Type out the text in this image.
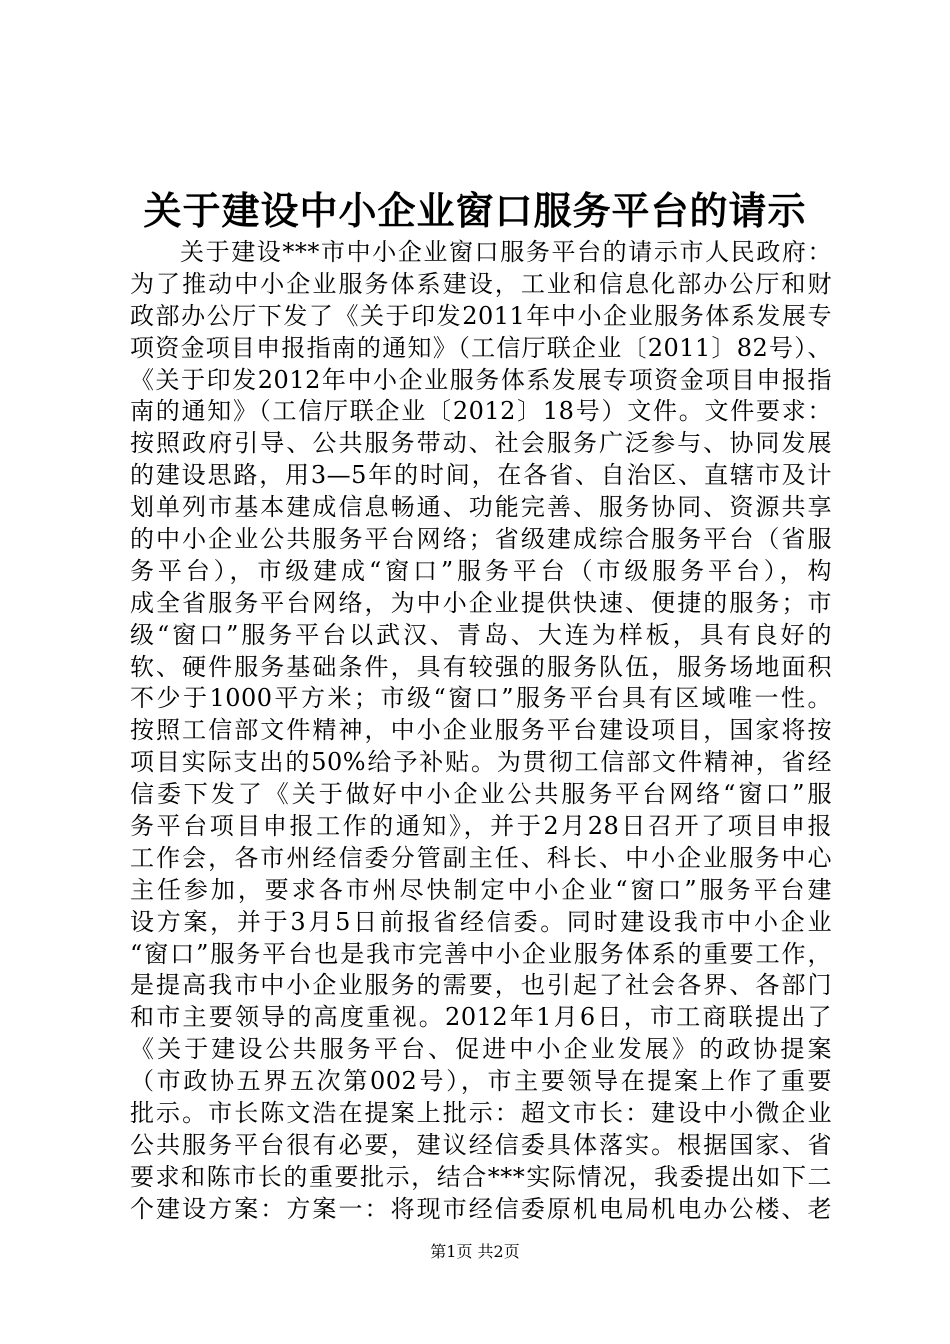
关于建设中小企业窗口服务平台的请示
关于建设***市中小企业窗口服务平台的请示市人民政府：
为了推动中小企业服务体系建设，工业和信息化部办公厅和财
政部办公厅下发了《关于印发2011年中小企业服务体系发展专
项资金项目申报指南的通知》（工信厅联企业〔2011〕82号）、
《关于印发2012年中小企业服务体系发展专项资金项目申报指
南的通知》（工信厅联企业〔2012〕18号）文件。文件要求：
按照政府引导、公共服务带动、社会服务广泛参与、协同发展
的建设思路，用3—5年的时间，在各省、自治区、直辖市及计
划单列市基本建成信息畅通、功能完善、服务协同、资源共享
的中小企业公共服务平台网络；省级建成综合服务平台（省服
务平台），市级建成“窗口”服务平台（市级服务平台），构
成全省服务平台网络，为中小企业提供快速、便捷的服务；市
级“窗口”服务平台以武汉、青岛、大连为样板，具有良好的
软、硬件服务基础条件，具有较强的服务队伍，服务场地面积
不少于1000平方米；市级“窗口”服务平台具有区域唯一性。
按照工信部文件精神，中小企业服务平台建设项目，国家将按
项目实际支出的50%给予补贴。为贯彻工信部文件精神，省经
信委下发了《关于做好中小企业公共服务平台网络“窗口”服
务平台项目申报工作的通知》，并于2月28日召开了项目申报
工作会，各市州经信委分管副主任、科长、中小企业服务中心
主任参加，要求各市州尽快制定中小企业“窗口”服务平台建
设方案，并于3月5日前报省经信委。同时建设我市中小企业
“窗口”服务平台也是我市完善中小企业服务体系的重要工作，
是提高我市中小企业服务的需要，也引起了社会各界、各部门
和市主要领导的高度重视。2012年1月6日，市工商联提出了
《关于建设公共服务平台、促进中小企业发展》的政协提案
（市政协五界五次第002号），市主要领导在提案上作了重要
批示。市长陈文浩在提案上批示：超文市长：建设中小微企业
公共服务平台很有必要，建议经信委具体落实。根据国家、省
要求和陈市长的重要批示，结合***实际情况，我委提出如下二
个建设方案：方案一：将现市经信委原机电局机电办公楼、老
第1页 共2页
